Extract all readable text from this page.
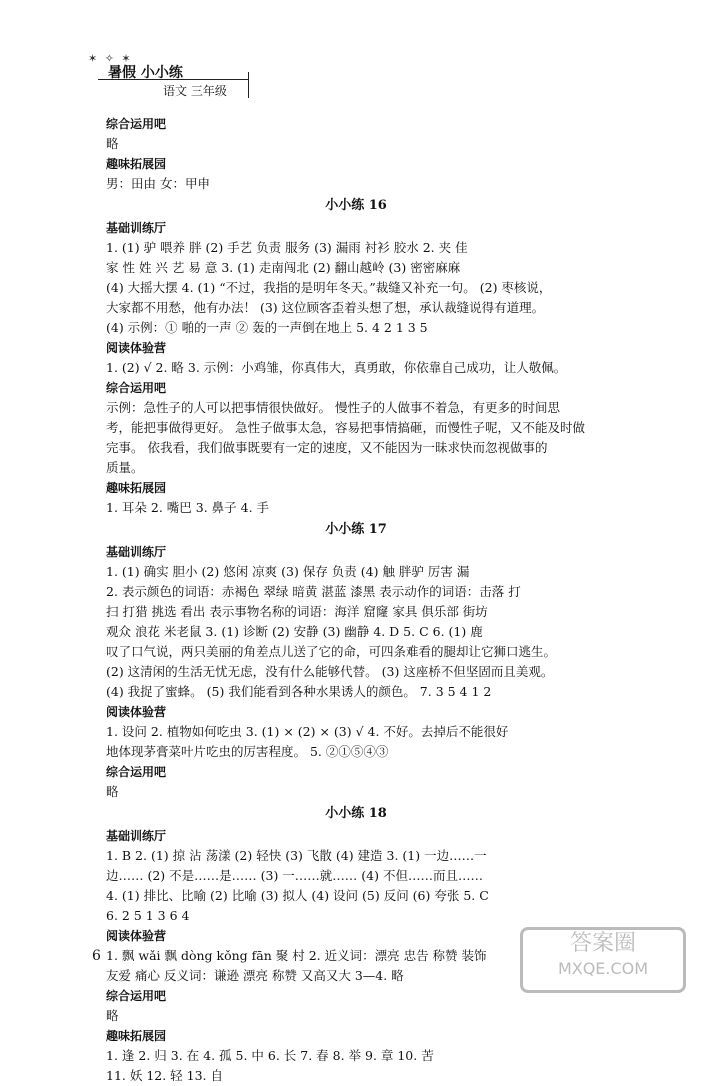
✶ ✧ ✶
暑假 小小练
语文 三年级
综合运用吧
略
趣味拓展园
男：田由 女：甲申
小小练 16
基础训练厅
1. (1) 驴 喂养 胖 (2) 手艺 负责 服务 (3) 漏雨 衬衫 胶水 2. 夹 佳
家 性 姓 兴 艺 易 意 3. (1) 走南闯北 (2) 翻山越岭 (3) 密密麻麻
(4) 大摇大摆 4. (1) “不过，我指的是明年冬天。”裁缝又补充一句。 (2) 枣核说，
大家都不用愁，他有办法！ (3) 这位顾客歪着头想了想，承认裁缝说得有道理。
(4) 示例：① 啪的一声 ② 轰的一声倒在地上 5. 4 2 1 3 5
阅读体验营
1. (2) √ 2. 略 3. 示例：小鸡雏，你真伟大，真勇敢，你依靠自己成功，让人敬佩。
综合运用吧
示例：急性子的人可以把事情很快做好。 慢性子的人做事不着急，有更多的时间思
考，能把事做得更好。 急性子做事太急，容易把事情搞砸，而慢性子呢，又不能及时做
完事。 依我看，我们做事既要有一定的速度，又不能因为一昧求快而忽视做事的
质量。
趣味拓展园
1. 耳朵 2. 嘴巴 3. 鼻子 4. 手
小小练 17
基础训练厅
1. (1) 确实 胆小 (2) 悠闲 凉爽 (3) 保存 负责 (4) 触 胖驴 厉害 漏
2. 表示颜色的词语：赤褐色 翠绿 暗黄 湛蓝 漆黑 表示动作的词语：击落 打
扫 打猎 挑选 看出 表示事物名称的词语：海洋 窟窿 家具 俱乐部 街坊
观众 浪花 米老鼠 3. (1) 诊断 (2) 安静 (3) 幽静 4. D 5. C 6. (1) 鹿
叹了口气说，两只美丽的角差点儿送了它的命，可四条难看的腿却让它狮口逃生。
(2) 这清闲的生活无忧无虑，没有什么能够代替。 (3) 这座桥不但坚固而且美观。
(4) 我捉了蜜蜂。 (5) 我们能看到各种水果诱人的颜色。 7. 3 5 4 1 2
阅读体验营
1. 设问 2. 植物如何吃虫 3. (1) × (2) × (3) √ 4. 不好。去掉后不能很好
地体现茅膏菜叶片吃虫的厉害程度。 5. ②①⑤④③
综合运用吧
略
小小练 18
基础训练厅
1. B 2. (1) 掠 沾 荡漾 (2) 轻快 (3) 飞散 (4) 建造 3. (1) 一边……一
边…… (2) 不是……是…… (3) 一……就…… (4) 不但……而且……
4. (1) 排比、比喻 (2) 比喻 (3) 拟人 (4) 设问 (5) 反问 (6) 夸张 5. C
6. 2 5 1 3 6 4
阅读体验营
1. 飘 wǎi 飘 dòng kǒng fān 聚 村 2. 近义词：漂亮 忠告 称赞 装饰
友爱 痛心 反义词：谦逊 漂亮 称赞 又高又大 3—4. 略
综合运用吧
略
趣味拓展园
1. 逢 2. 归 3. 在 4. 孤 5. 中 6. 长 7. 春 8. 举 9. 章 10. 苦
11. 妖 12. 轻 13. 自
6	答案圈
MXQE.COM
